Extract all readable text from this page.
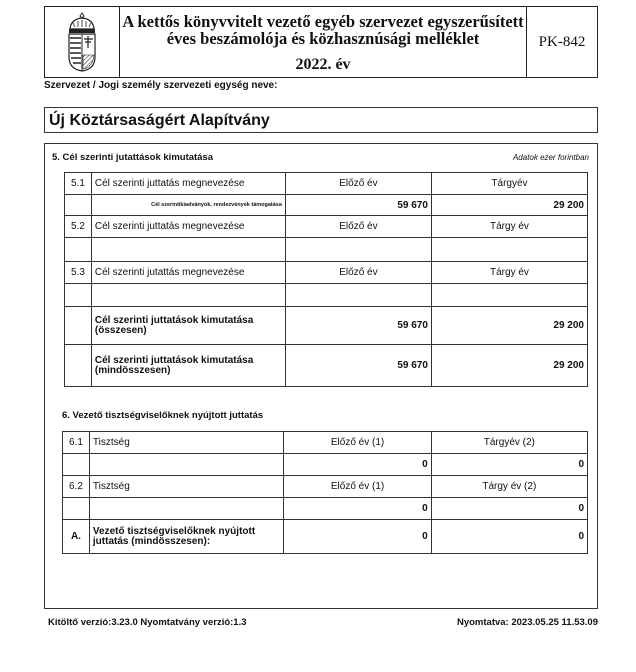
A kettős könyvvitelt vezető egyéb szervezet egyszerűsített
éves beszámolója és közhasznúsági melléklet
2022. év
PK-842
Szervezet / Jogi személy szervezeti egység neve:
Új Köztársaságért Alapítvány
5. Cél szerinti jutattások kimutatása	Adatok ezer forintban
5.1	Cél szerinti juttatás megnevezése	Előző év	Tárgyév
	Cél szerintikiadványok, rendezvények támogatása	59 670	29 200
5.2	Cél szerinti juttatás megnevezése	Előző év	Tárgy év

5.3	Cél szerinti jutattás megnevezése	Előző év	Tárgy év

	Cél szerinti juttatások kimutatása (összesen)	59 670	29 200
	Cél szerinti juttatások kimutatása (mindösszesen)	59 670	29 200
6. Vezető tisztségviselőknek nyújtott juttatás
6.1	Tisztség	Előző év (1)	Tárgyév (2)
		0	0
6.2	Tisztség	Előző év (1)	Tárgy év (2)
		0	0
A.	Vezető tisztségviselőknek nyújtott juttatás (mindösszesen):	0	0
Kitöltő verzió:3.23.0 Nyomtatvány verzió:1.3	Nyomtatva: 2023.05.25 11.53.09
